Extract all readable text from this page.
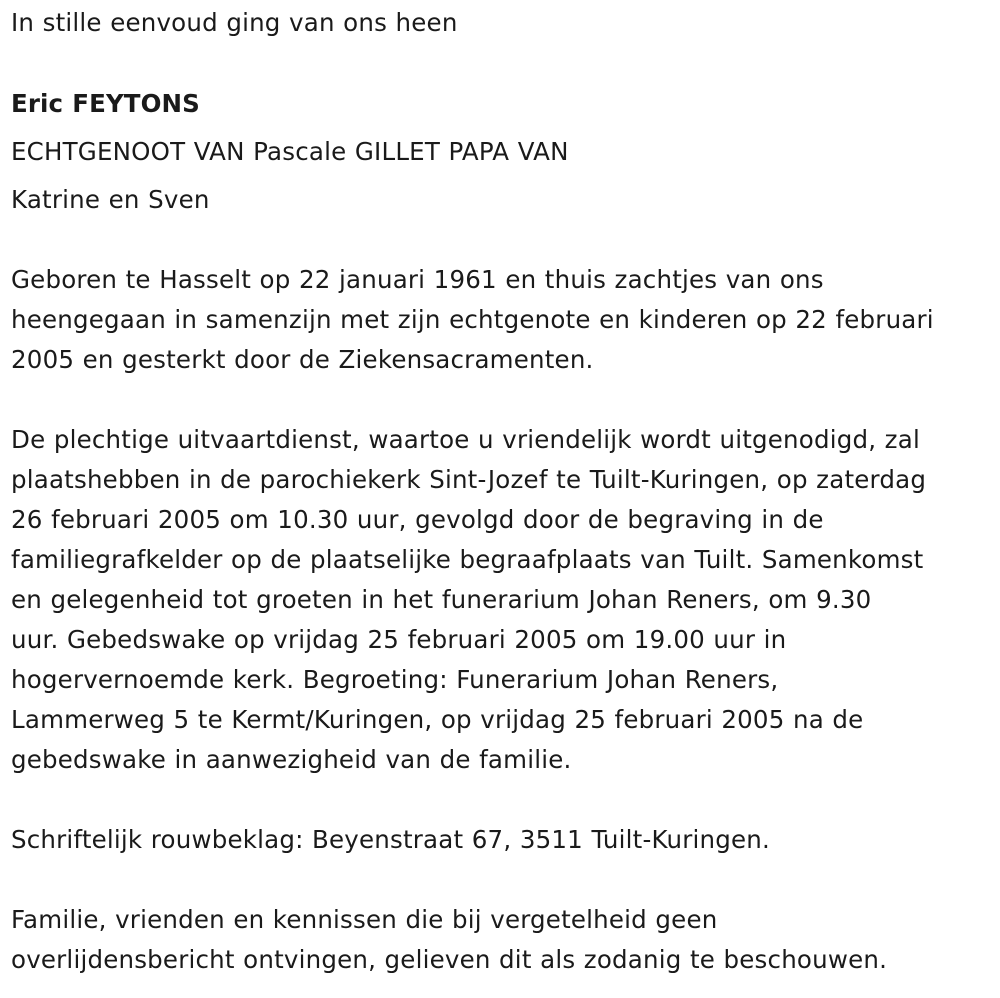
In stille eenvoud ging van ons heen

Eric FEYTONS

ECHTGENOOT VAN Pascale GILLET PAPA VAN

Katrine en Sven

Geboren te Hasselt op 22 januari 1961 en thuis zachtjes van ons

heengegaan in samenzijn met zijn echtgenote en kinderen op 22 februari

2005 en gesterkt door de Ziekensacramenten.

De plechtige uitvaartdienst, waartoe u vriendelijk wordt uitgenodigd, zal

plaatshebben in de parochiekerk Sint-Jozef te Tuilt-Kuringen, op zaterdag

26 februari 2005 om 10.30 uur, gevolgd door de begraving in de

familiegrafkelder op de plaatselijke begraafplaats van Tuilt. Samenkomst

en gelegenheid tot groeten in het funerarium Johan Reners, om 9.30

uur. Gebedswake op vrijdag 25 februari 2005 om 19.00 uur in

hogervernoemde kerk. Begroeting: Funerarium Johan Reners,

Lammerweg 5 te Kermt/Kuringen, op vrijdag 25 februari 2005 na de

gebedswake in aanwezigheid van de familie.

Schriftelijk rouwbeklag: Beyenstraat 67, 3511 Tuilt-Kuringen.

Familie, vrienden en kennissen die bij vergetelheid geen

overlijdensbericht ontvingen, gelieven dit als zodanig te beschouwen.
